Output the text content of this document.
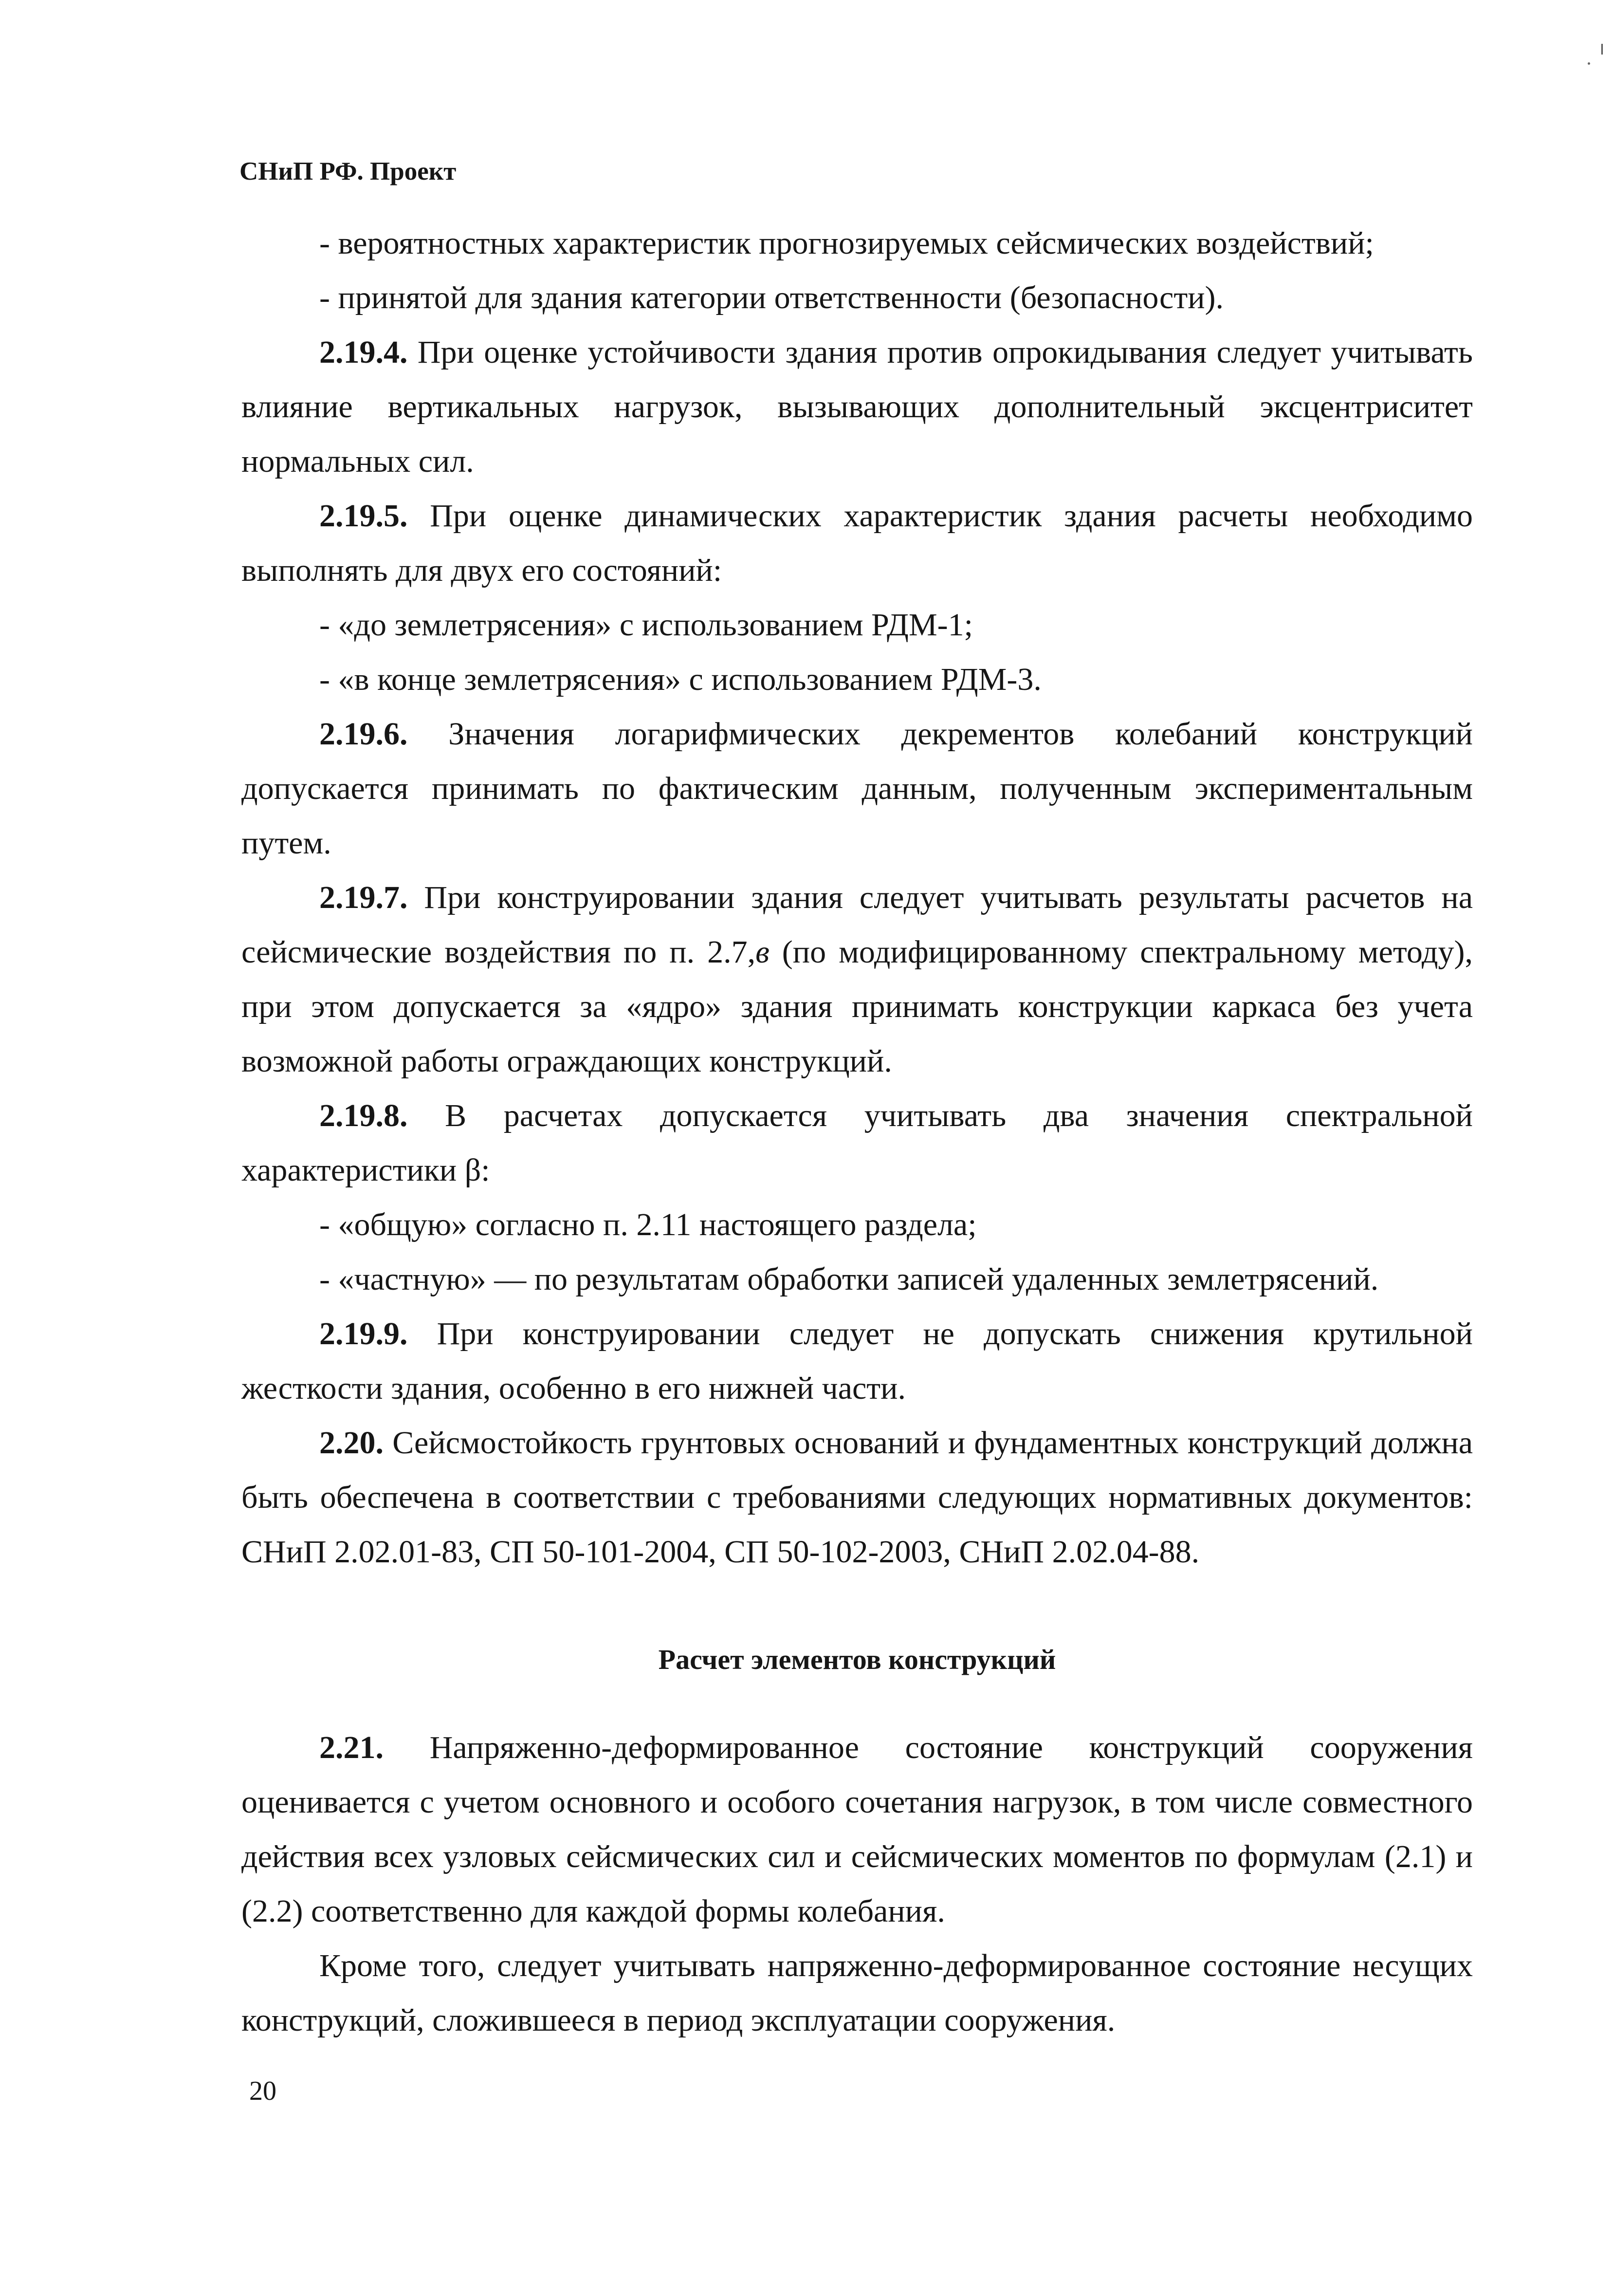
СНиП РФ. Проект

- вероятностных характеристик прогнозируемых сейсмических воздействий;

- принятой для здания категории ответственности (безопасности).

2.19.4. При оценке устойчивости здания против опрокидывания следует учитывать влияние вертикальных нагрузок, вызывающих дополнительный эксцентриситет нормальных сил.

2.19.5. При оценке динамических характеристик здания расчеты необходимо выполнять для двух его состояний:

- «до землетрясения» с использованием РДМ-1;

- «в конце землетрясения» с использованием РДМ-3.

2.19.6. Значения логарифмических декрементов колебаний конструкций допускается принимать по фактическим данным, полученным экспериментальным путем.

2.19.7. При конструировании здания следует учитывать результаты расчетов на сейсмические воздействия по п. 2.7,в (по модифицированному спектральному методу), при этом допускается за «ядро» здания принимать конструкции каркаса без учета возможной работы ограждающих конструкций.

2.19.8. В расчетах допускается учитывать два значения спектральной характеристики β:

- «общую» согласно п. 2.11 настоящего раздела;

- «частную» — по результатам обработки записей удаленных землетрясений.

2.19.9. При конструировании следует не допускать снижения крутильной жесткости здания, особенно в его нижней части.

2.20. Сейсмостойкость грунтовых оснований и фундаментных конструкций должна быть обеспечена в соответствии с требованиями следующих нормативных документов: СНиП 2.02.01-83, СП 50-101-2004, СП 50-102-2003, СНиП 2.02.04-88.

Расчет элементов конструкций

2.21. Напряженно-деформированное состояние конструкций сооружения оценивается с учетом основного и особого сочетания нагрузок, в том числе совместного действия всех узловых сейсмических сил и сейсмических моментов по формулам (2.1) и (2.2) соответственно для каждой формы колебания.

Кроме того, следует учитывать напряженно-деформированное состояние несущих конструкций, сложившееся в период эксплуатации сооружения.

20
